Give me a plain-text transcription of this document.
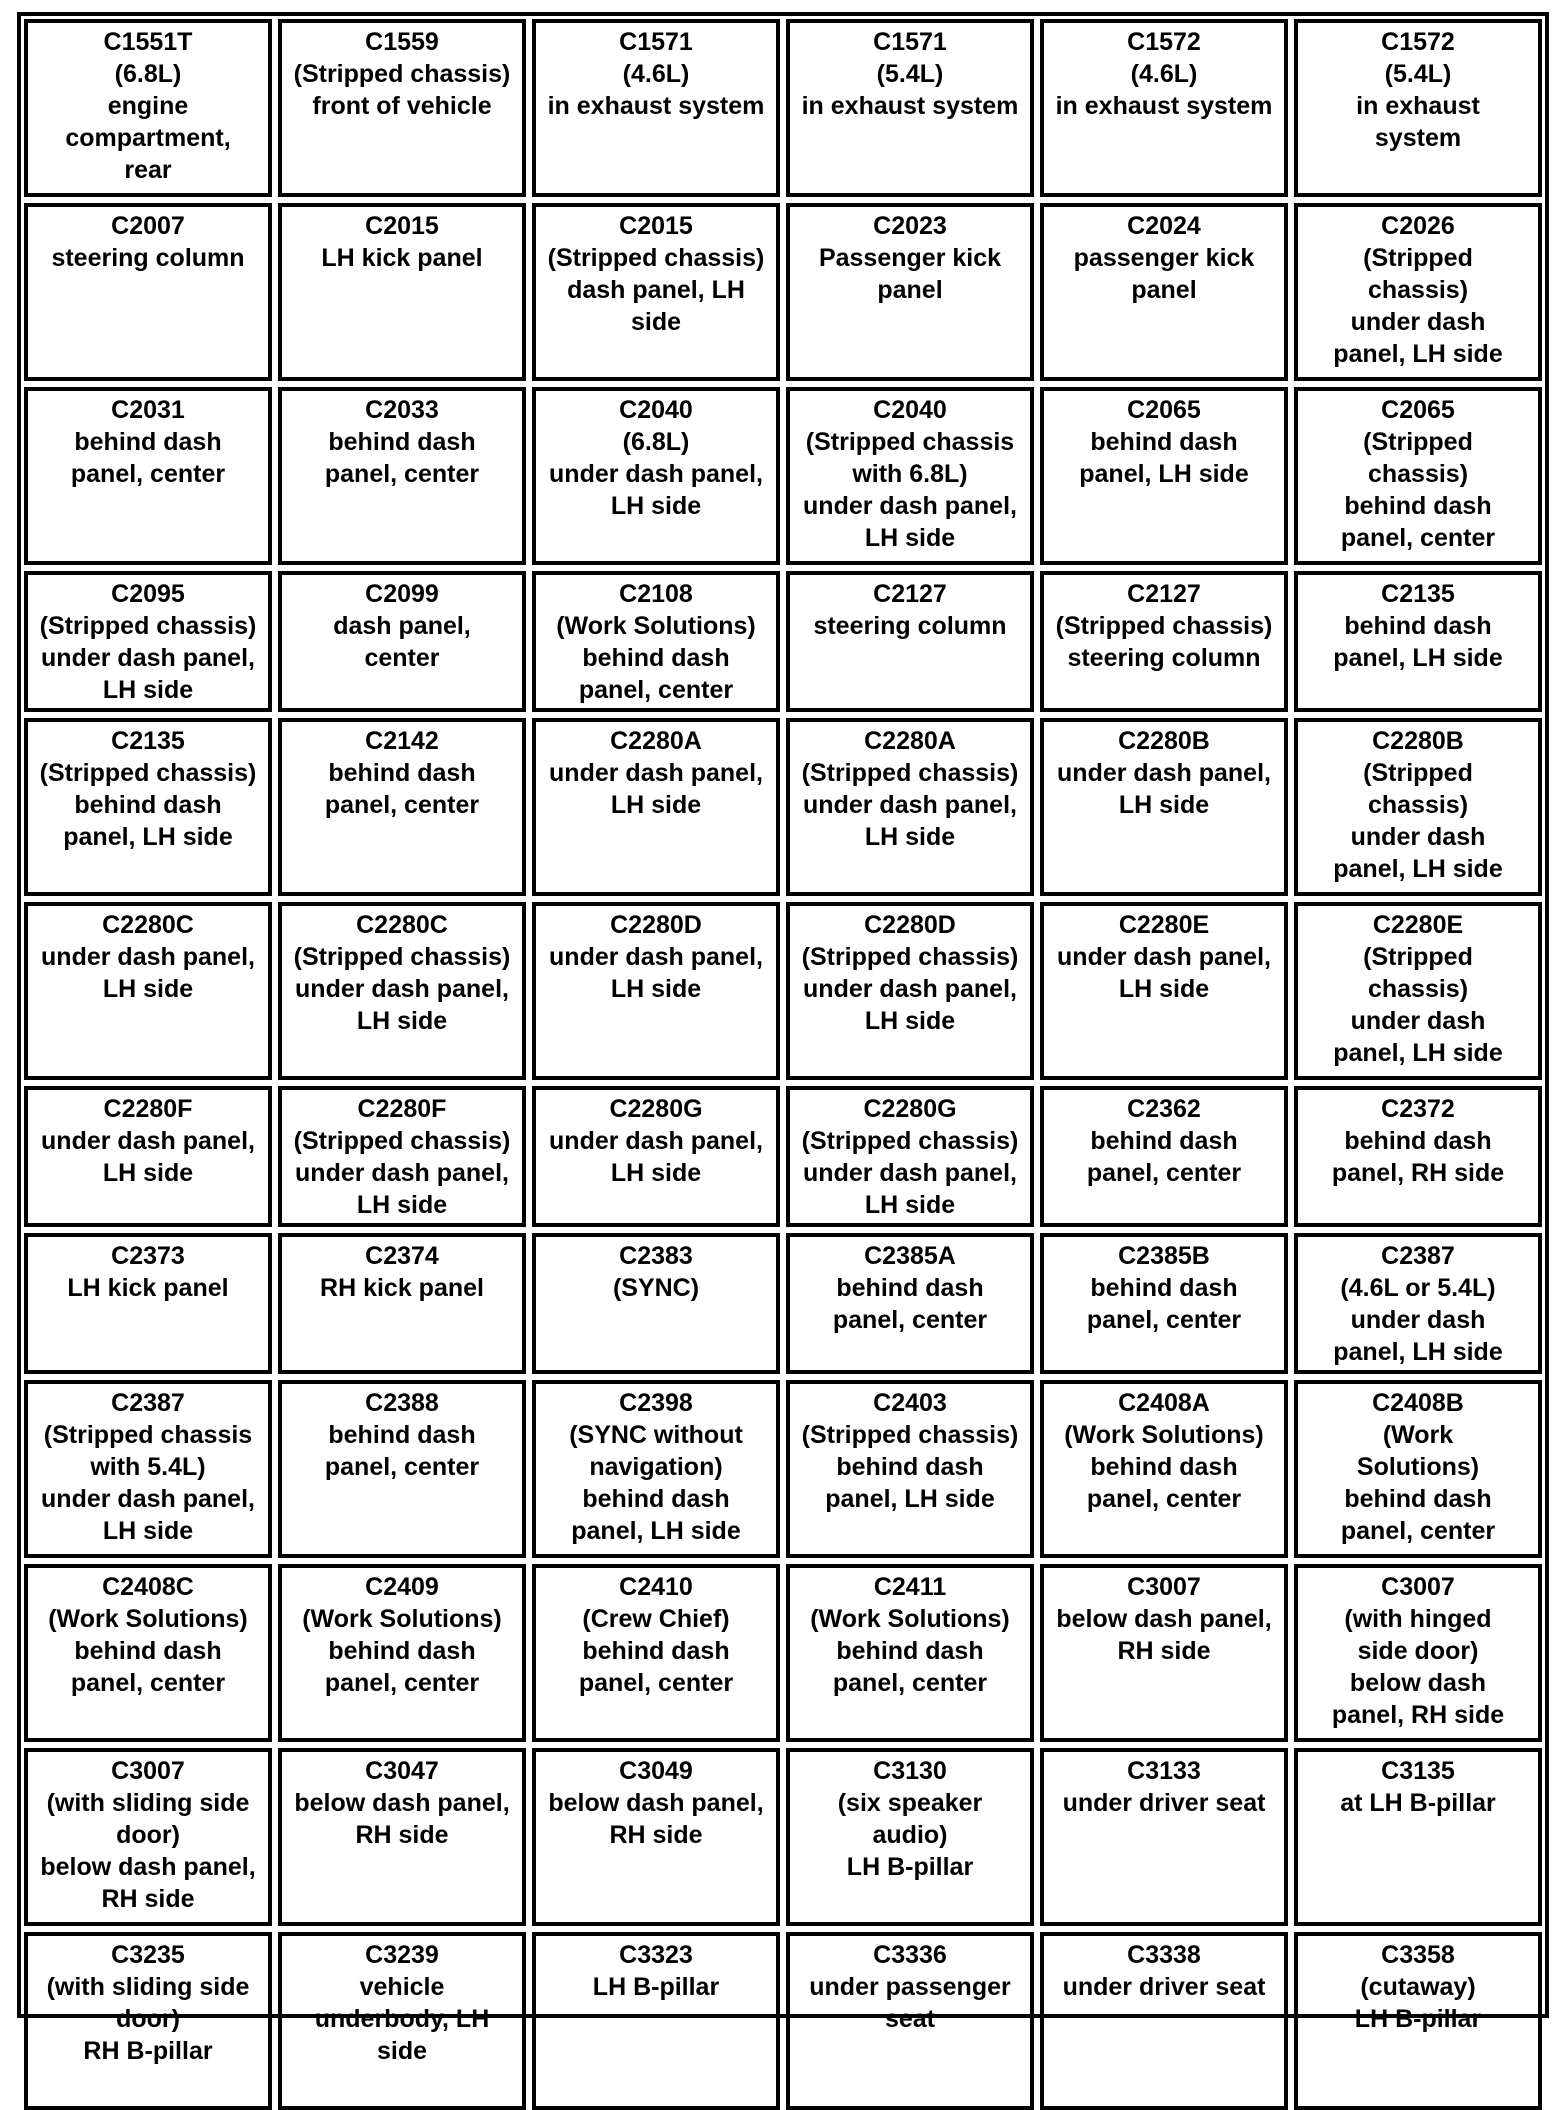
C1551T
(6.8L)
engine
compartment,
rear
C1559
(Stripped chassis)
front of vehicle
C1571
(4.6L)
in exhaust system
C1571
(5.4L)
in exhaust system
C1572
(4.6L)
in exhaust system
C1572
(5.4L)
in exhaust
system
C2007
steering column
C2015
LH kick panel
C2015
(Stripped chassis)
dash panel, LH
side
C2023
Passenger kick
panel
C2024
passenger kick
panel
C2026
(Stripped
chassis)
under dash
panel, LH side
C2031
behind dash
panel, center
C2033
behind dash
panel, center
C2040
(6.8L)
under dash panel,
LH side
C2040
(Stripped chassis
with 6.8L)
under dash panel,
LH side
C2065
behind dash
panel, LH side
C2065
(Stripped
chassis)
behind dash
panel, center
C2095
(Stripped chassis)
under dash panel,
LH side
C2099
dash panel,
center
C2108
(Work Solutions)
behind dash
panel, center
C2127
steering column
C2127
(Stripped chassis)
steering column
C2135
behind dash
panel, LH side
C2135
(Stripped chassis)
behind dash
panel, LH side
C2142
behind dash
panel, center
C2280A
under dash panel,
LH side
C2280A
(Stripped chassis)
under dash panel,
LH side
C2280B
under dash panel,
LH side
C2280B
(Stripped
chassis)
under dash
panel, LH side
C2280C
under dash panel,
LH side
C2280C
(Stripped chassis)
under dash panel,
LH side
C2280D
under dash panel,
LH side
C2280D
(Stripped chassis)
under dash panel,
LH side
C2280E
under dash panel,
LH side
C2280E
(Stripped
chassis)
under dash
panel, LH side
C2280F
under dash panel,
LH side
C2280F
(Stripped chassis)
under dash panel,
LH side
C2280G
under dash panel,
LH side
C2280G
(Stripped chassis)
under dash panel,
LH side
C2362
behind dash
panel, center
C2372
behind dash
panel, RH side
C2373
LH kick panel
C2374
RH kick panel
C2383
(SYNC)
C2385A
behind dash
panel, center
C2385B
behind dash
panel, center
C2387
(4.6L or 5.4L)
under dash
panel, LH side
C2387
(Stripped chassis
with 5.4L)
under dash panel,
LH side
C2388
behind dash
panel, center
C2398
(SYNC without
navigation)
behind dash
panel, LH side
C2403
(Stripped chassis)
behind dash
panel, LH side
C2408A
(Work Solutions)
behind dash
panel, center
C2408B
(Work
Solutions)
behind dash
panel, center
C2408C
(Work Solutions)
behind dash
panel, center
C2409
(Work Solutions)
behind dash
panel, center
C2410
(Crew Chief)
behind dash
panel, center
C2411
(Work Solutions)
behind dash
panel, center
C3007
below dash panel,
RH side
C3007
(with hinged
side door)
below dash
panel, RH side
C3007
(with sliding side
door)
below dash panel,
RH side
C3047
below dash panel,
RH side
C3049
below dash panel,
RH side
C3130
(six speaker
audio)
LH B-pillar
C3133
under driver seat
C3135
at LH B-pillar
C3235
(with sliding side
door)
RH B-pillar
C3239
vehicle
underbody, LH
side
C3323
LH B-pillar
C3336
under passenger
seat
C3338
under driver seat
C3358
(cutaway)
LH B-pillar
